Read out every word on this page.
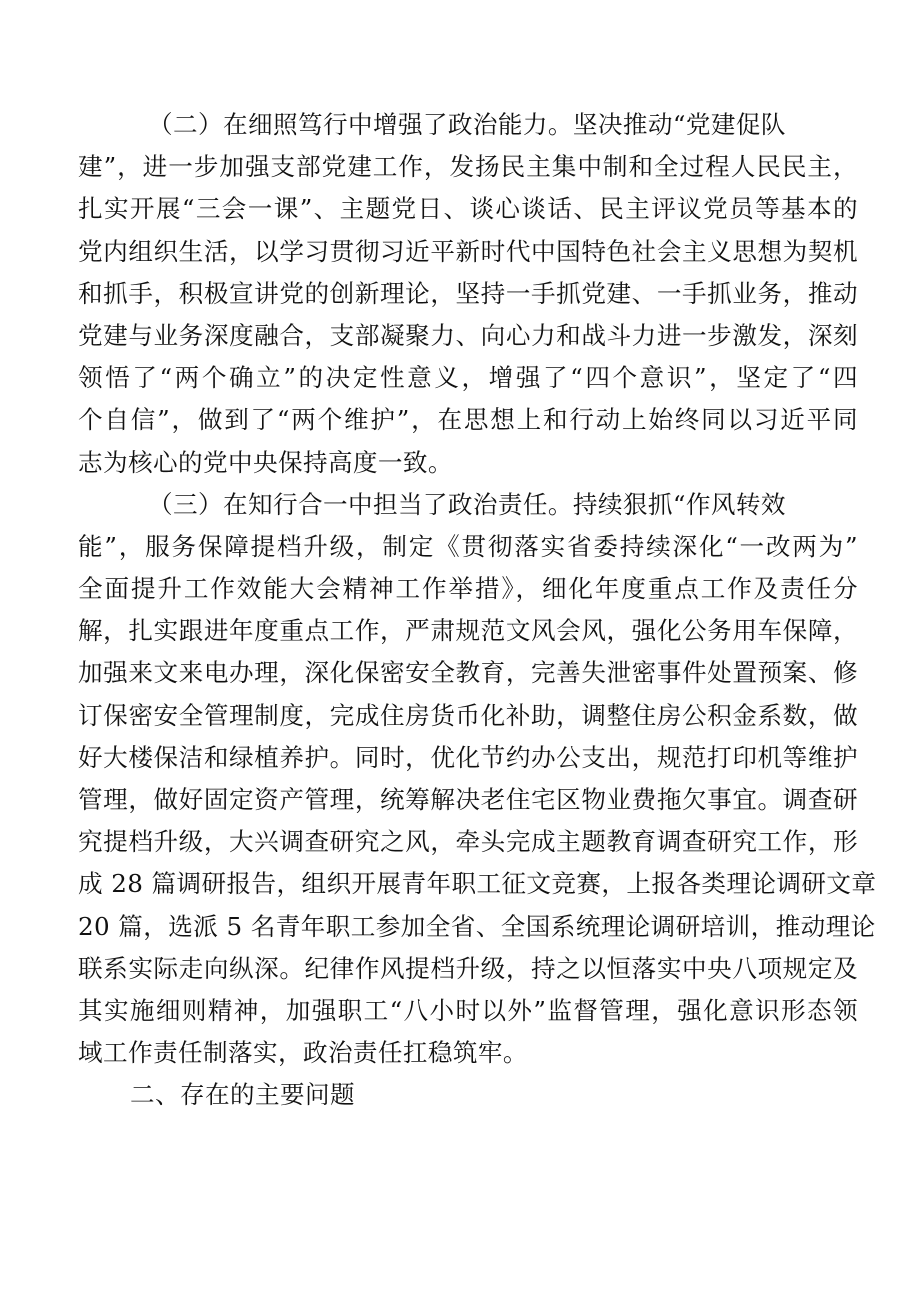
（二）在细照笃行中增强了政治能力。坚决推动“党建促队
建”，进一步加强支部党建工作，发扬民主集中制和全过程人民民主，
扎实开展“三会一课”、主题党日、谈心谈话、民主评议党员等基本的
党内组织生活，以学习贯彻习近平新时代中国特色社会主义思想为契机
和抓手，积极宣讲党的创新理论，坚持一手抓党建、一手抓业务，推动
党建与业务深度融合，支部凝聚力、向心力和战斗力进一步激发，深刻
领悟了“两个确立”的决定性意义，增强了“四个意识”，坚定了“四
个自信”，做到了“两个维护”，在思想上和行动上始终同以习近平同
志为核心的党中央保持高度一致。

（三）在知行合一中担当了政治责任。持续狠抓“作风转效
能”，服务保障提档升级，制定《贯彻落实省委持续深化“一改两为”
全面提升工作效能大会精神工作举措》，细化年度重点工作及责任分
解，扎实跟进年度重点工作，严肃规范文风会风，强化公务用车保障，
加强来文来电办理，深化保密安全教育，完善失泄密事件处置预案、修
订保密安全管理制度，完成住房货币化补助，调整住房公积金系数，做
好大楼保洁和绿植养护。同时，优化节约办公支出，规范打印机等维护
管理，做好固定资产管理，统筹解决老住宅区物业费拖欠事宜。调查研
究提档升级，大兴调查研究之风，牵头完成主题教育调查研究工作，形
成 28 篇调研报告，组织开展青年职工征文竞赛，上报各类理论调研文章
20 篇，选派 5 名青年职工参加全省、全国系统理论调研培训，推动理论
联系实际走向纵深。纪律作风提档升级，持之以恒落实中央八项规定及
其实施细则精神，加强职工“八小时以外”监督管理，强化意识形态领
域工作责任制落实，政治责任扛稳筑牢。

二、存在的主要问题
